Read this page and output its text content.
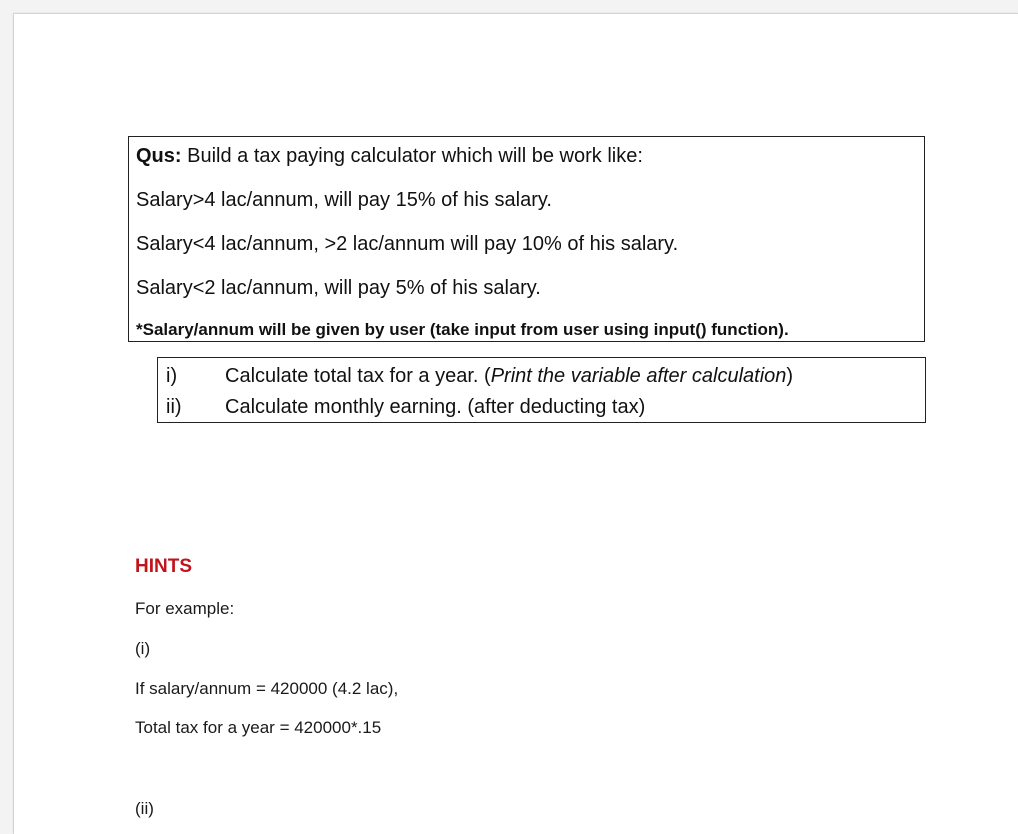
Qus: Build a tax paying calculator which will be work like:
Salary>4 lac/annum, will pay 15% of his salary.
Salary<4 lac/annum, >2 lac/annum will pay 10% of his salary.
Salary<2 lac/annum, will pay 5% of his salary.
*Salary/annum will be given by user (take input from user using input() function).
i) Calculate total tax for a year. (Print the variable after calculation)
ii) Calculate monthly earning. (after deducting tax)
HINTS
For example:
(i)
If salary/annum = 420000 (4.2 lac),
Total tax for a year = 420000*.15
(ii)
